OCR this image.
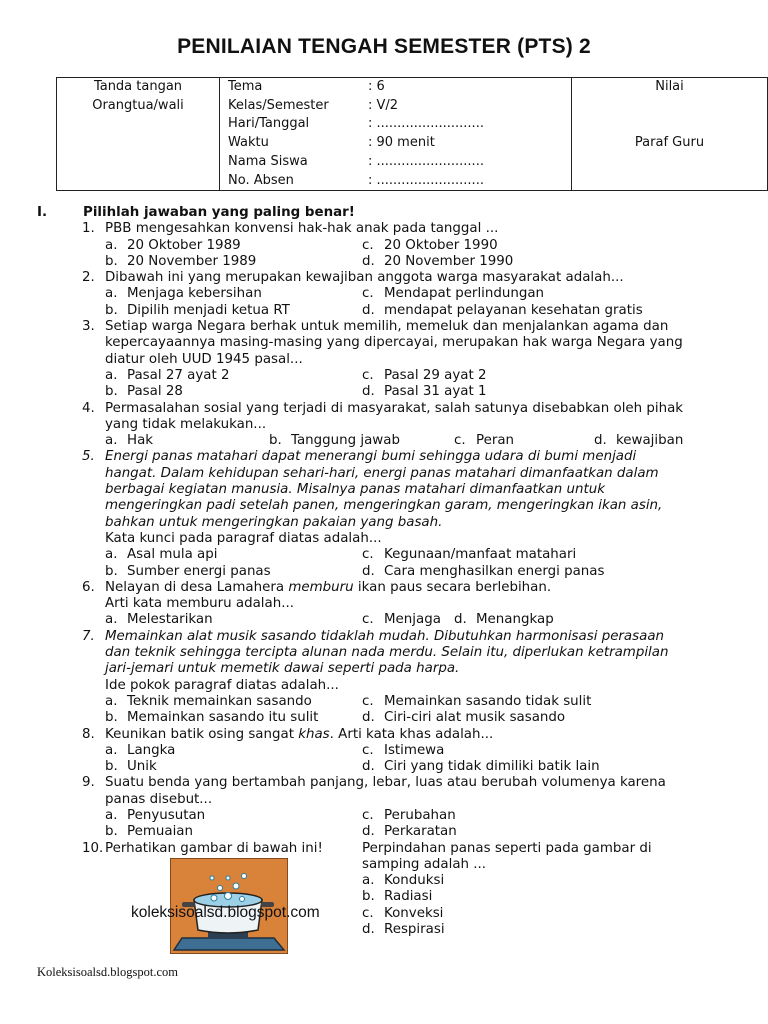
PENILAIAN TENGAH SEMESTER (PTS) 2
Tanda tangan
Orangtua/wali

Tema	: 6
Kelas/Semester	: V/2
Hari/Tanggal	: ..........................
Waktu	: 90 menit
Nama Siswa	: ..........................
No. Absen	: ..........................

Nilai
Paraf Guru
I.	Pilihlah jawaban yang paling benar!
1. PBB mengesahkan konvensi hak-hak anak pada tanggal ...
a. 20 Oktober 1989	c. 20 Oktober 1990
b. 20 November 1989	d. 20 November 1990
2. Dibawah ini yang merupakan kewajiban anggota warga masyarakat adalah...
a. Menjaga kebersihan	c. Mendapat perlindungan
b. Dipilih menjadi ketua RT	d. mendapat pelayanan kesehatan gratis
3. Setiap warga Negara berhak untuk memilih, memeluk dan menjalankan agama dan
kepercayaannya masing-masing yang dipercayai, merupakan hak warga Negara yang
diatur oleh UUD 1945 pasal...
a. Pasal 27 ayat 2	c. Pasal 29 ayat 2
b. Pasal 28	d. Pasal 31 ayat 1
4. Permasalahan sosial yang terjadi di masyarakat, salah satunya disebabkan oleh pihak
yang tidak melakukan...
a. Hak	b. Tanggung jawab	c. Peran	d. kewajiban
5. Energi panas matahari dapat menerangi bumi sehingga udara di bumi menjadi
hangat. Dalam kehidupan sehari-hari, energi panas matahari dimanfaatkan dalam
berbagai kegiatan manusia. Misalnya panas matahari dimanfaatkan untuk
mengeringkan padi setelah panen, mengeringkan garam, mengeringkan ikan asin,
bahkan untuk mengeringkan pakaian yang basah.
Kata kunci pada paragraf diatas adalah...
a. Asal mula api	c. Kegunaan/manfaat matahari
b. Sumber energi panas	d. Cara menghasilkan energi panas
6. Nelayan di desa Lamahera memburu ikan paus secara berlebihan.
Arti kata memburu adalah...
a. Melestarikan	c. Menjaga d. Menangkap
7. Memainkan alat musik sasando tidaklah mudah. Dibutuhkan harmonisasi perasaan
dan teknik sehingga tercipta alunan nada merdu. Selain itu, diperlukan ketrampilan
jari-jemari untuk memetik dawai seperti pada harpa.
Ide pokok paragraf diatas adalah...
a. Teknik memainkan sasando	c. Memainkan sasando tidak sulit
b. Memainkan sasando itu sulit	d. Ciri-ciri alat musik sasando
8. Keunikan batik osing sangat khas. Arti kata khas adalah...
a. Langka	c. Istimewa
b. Unik	d. Ciri yang tidak dimiliki batik lain
9. Suatu benda yang bertambah panjang, lebar, luas atau berubah volumenya karena
panas disebut...
a. Penyusutan	c. Perubahan
b. Pemuaian	d. Perkaratan
10. Perhatikan gambar di bawah ini!	Perpindahan panas seperti pada gambar di
samping adalah ...
a. Konduksi
b. Radiasi
c. Konveksi
d. Respirasi
koleksisoalsd.blogspot.com
Koleksisoalsd.blogspot.com
